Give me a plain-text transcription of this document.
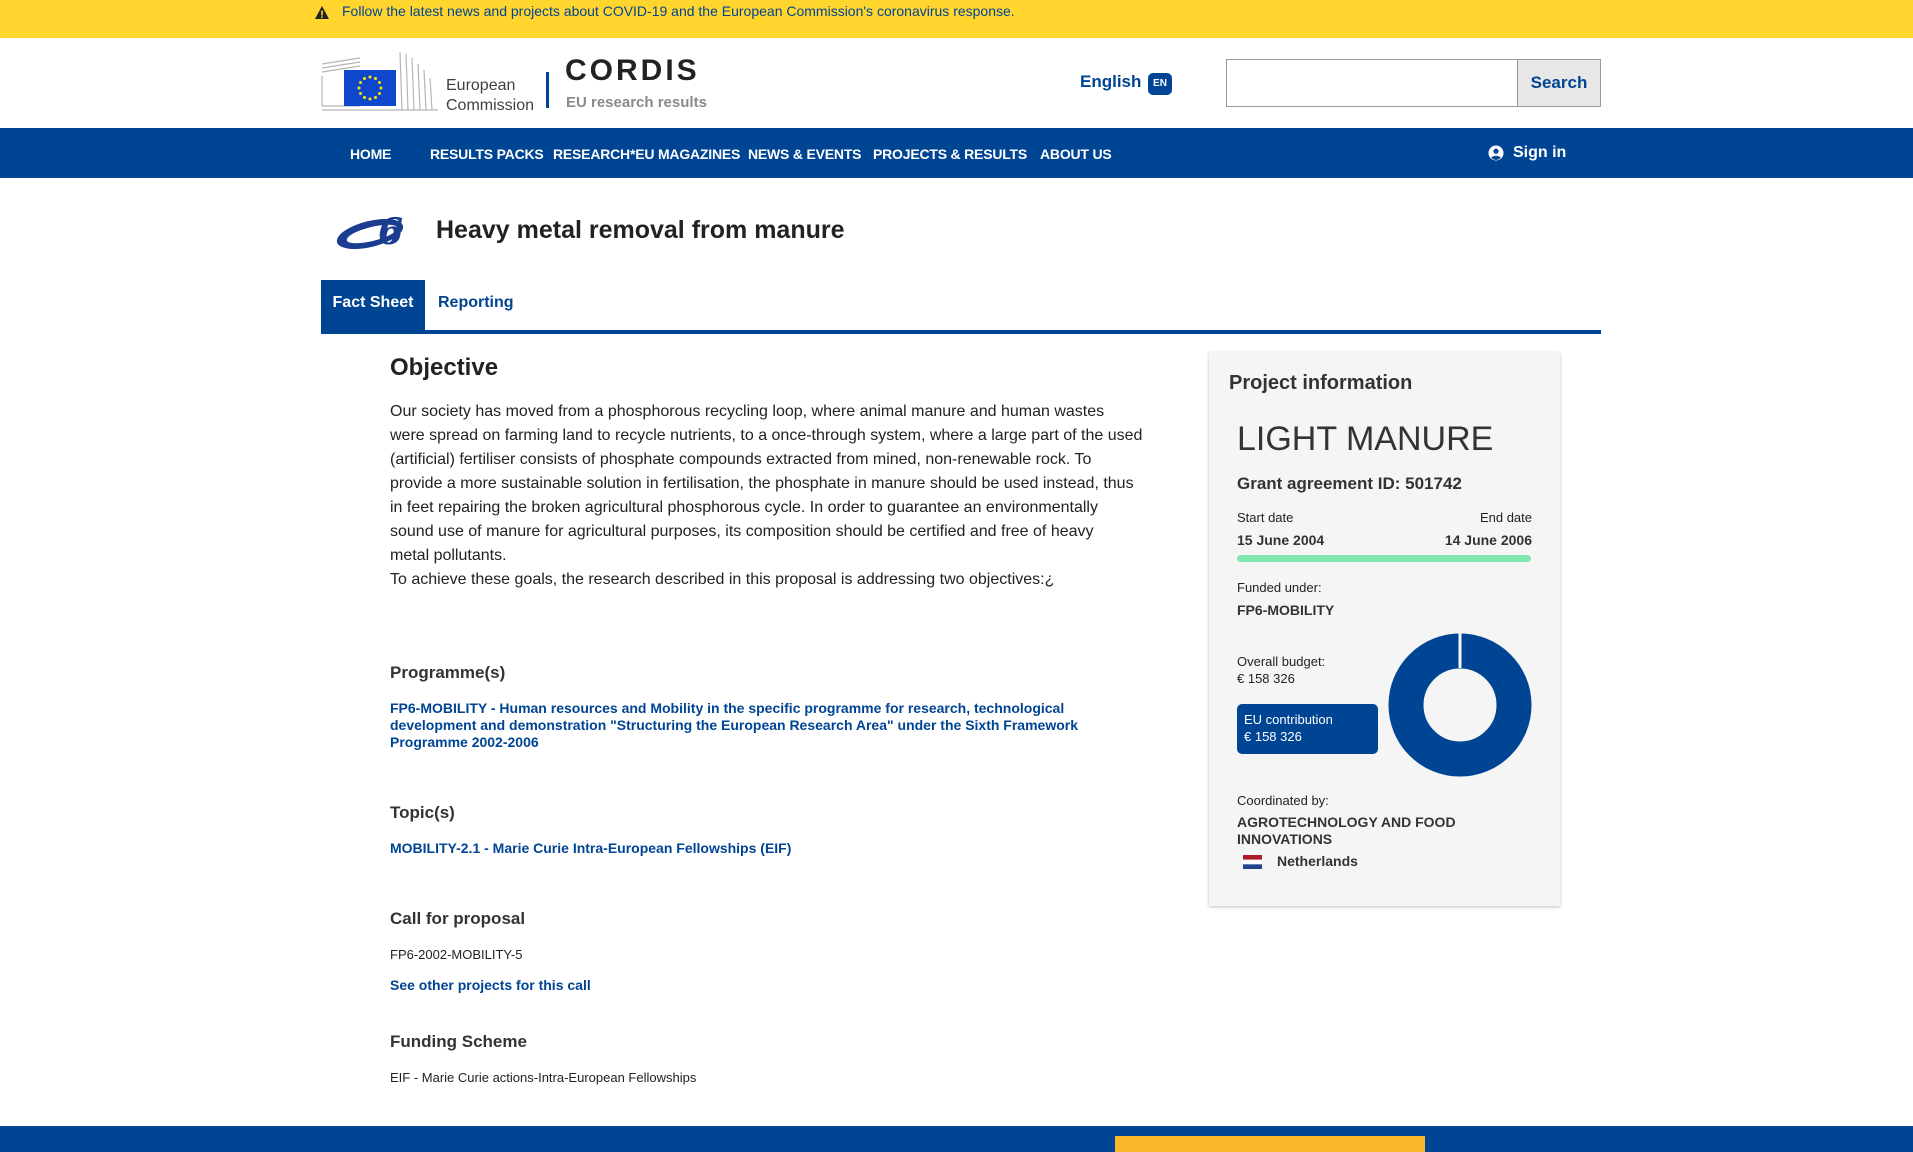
Follow the latest news and projects about COVID-19 and the European Commission's coronavirus response.
European
Commission
CORDIS
EU research results
English	EN	Search
HOME	RESULTS PACKS RESEARCH*EU MAGAZINES NEWS & EVENTS PROJECTS & RESULTS ABOUT US	Sign in
6 Heavy metal removal from manure
Fact Sheet	Reporting
Objective
Our society has moved from a phosphorous recycling loop, where animal manure and human wastes
were spread on farming land to recycle nutrients, to a once-through system, where a large part of the used
(artificial) fertiliser consists of phosphate compounds extracted from mined, non-renewable rock. To
provide a more sustainable solution in fertilisation, the phosphate in manure should be used instead, thus
in feet repairing the broken agricultural phosphorous cycle. In order to guarantee an environmentally
sound use of manure for agricultural purposes, its composition should be certified and free of heavy
metal pollutants.
To achieve these goals, the research described in this proposal is addressing two objectives:¿
Programme(s)
FP6-MOBILITY - Human resources and Mobility in the specific programme for research, technological
development and demonstration "Structuring the European Research Area" under the Sixth Framework
Programme 2002-2006
Topic(s)
MOBILITY-2.1 - Marie Curie Intra-European Fellowships (EIF)
Call for proposal
FP6-2002-MOBILITY-5
See other projects for this call
Funding Scheme
EIF - Marie Curie actions-Intra-European Fellowships
Project information
LIGHT MANURE
Grant agreement ID: 501742
Start date
15 June 2004
End date
14 June 2006
Funded under:
FP6-MOBILITY
Overall budget:
€ 158 326
EU contribution
€ 158 326
Coordinated by:
AGROTECHNOLOGY AND FOOD INNOVATIONS
Netherlands
